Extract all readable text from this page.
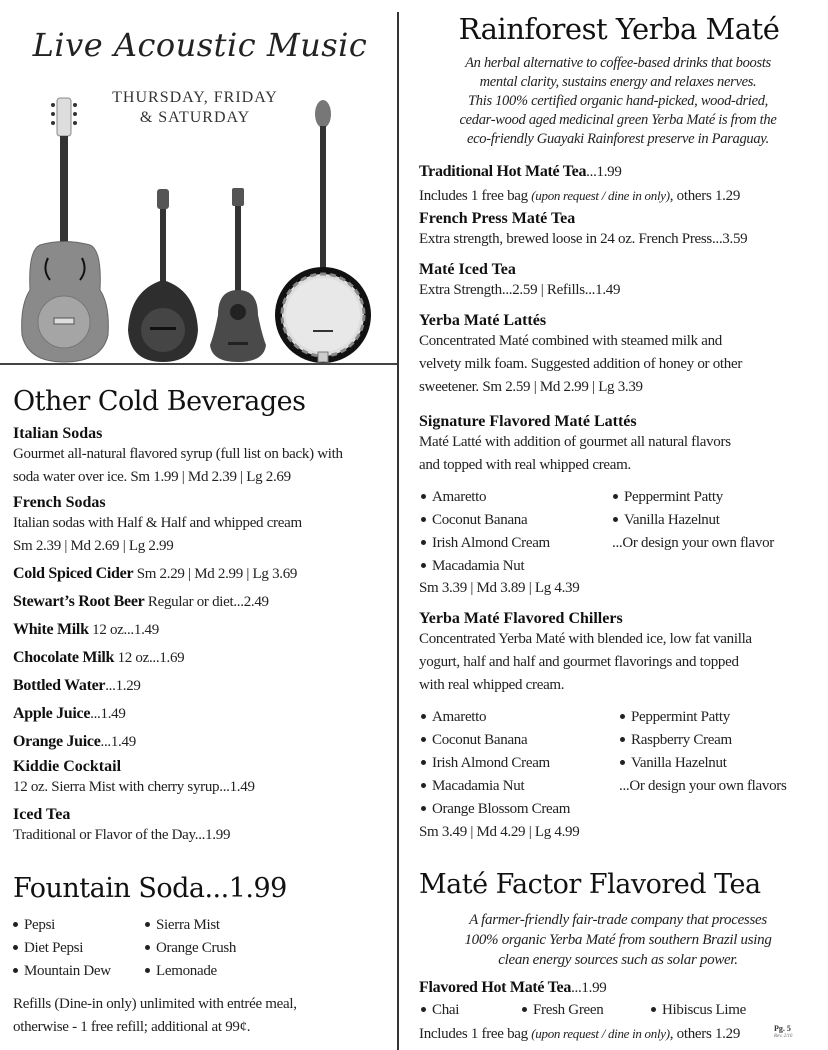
Live Acoustic Music
THURSDAY, FRIDAY
& SATURDAY
Other Cold Beverages
Italian Sodas
Gourmet all-natural flavored syrup (full list on back) with
soda water over ice. Sm 1.99 | Md 2.39 | Lg 2.69
French Sodas
Italian sodas with Half & Half and whipped cream
Sm 2.39 | Md 2.69 | Lg 2.99
Cold Spiced Cider Sm 2.29 | Md 2.99 | Lg 3.69
Stewart’s Root Beer Regular or diet...2.49
White Milk 12 oz...1.49
Chocolate Milk 12 oz...1.69
Bottled Water...1.29
Apple Juice...1.49
Orange Juice...1.49
Kiddie Cocktail
12 oz. Sierra Mist with cherry syrup...1.49
Iced Tea
Traditional or Flavor of the Day...1.99
Fountain Soda...1.99
Pepsi
Diet Pepsi
Mountain Dew
Sierra Mist
Orange Crush
Lemonade
Refills (Dine-in only) unlimited with entrée meal,
otherwise - 1 free refill; additional at 99¢.
Rainforest Yerba Maté
An herbal alternative to coffee-based drinks that boosts
mental clarity, sustains energy and relaxes nerves.
This 100% certified organic hand-picked, wood-dried,
cedar-wood aged medicinal green Yerba Maté is from the
eco-friendly Guayaki Rainforest preserve in Paraguay.
Traditional Hot Maté Tea...1.99
Includes 1 free bag (upon request / dine in only), others 1.29
French Press Maté Tea
Extra strength, brewed loose in 24 oz. French Press...3.59
Maté Iced Tea
Extra Strength...2.59 | Refills...1.49
Yerba Maté Lattés
Concentrated Maté combined with steamed milk and
velvety milk foam. Suggested addition of honey or other
sweetener. Sm 2.59 | Md 2.99 | Lg 3.39
Signature Flavored Maté Lattés
Maté Latté with addition of gourmet all natural flavors
and topped with real whipped cream.
Amaretto
Coconut Banana
Irish Almond Cream
Macadamia Nut
Peppermint Patty
Vanilla Hazelnut
...Or design your own flavor
Sm 3.39 | Md 3.89 | Lg 4.39
Yerba Maté Flavored Chillers
Concentrated Yerba Maté with blended ice, low fat vanilla
yogurt, half and half and gourmet flavorings and topped
with real whipped cream.
Amaretto
Coconut Banana
Irish Almond Cream
Macadamia Nut
Orange Blossom Cream
Peppermint Patty
Raspberry Cream
Vanilla Hazelnut
...Or design your own flavors
Sm 3.49 | Md 4.29 | Lg 4.99
Maté Factor Flavored Tea
A farmer-friendly fair-trade company that processes
100% organic Yerba Maté from southern Brazil using
clean energy sources such as solar power.
Flavored Hot Maté Tea...1.99
Chai	Fresh Green	Hibiscus Lime
Includes 1 free bag (upon request / dine in only), others 1.29	Pg. 5
Rev. 2/16
